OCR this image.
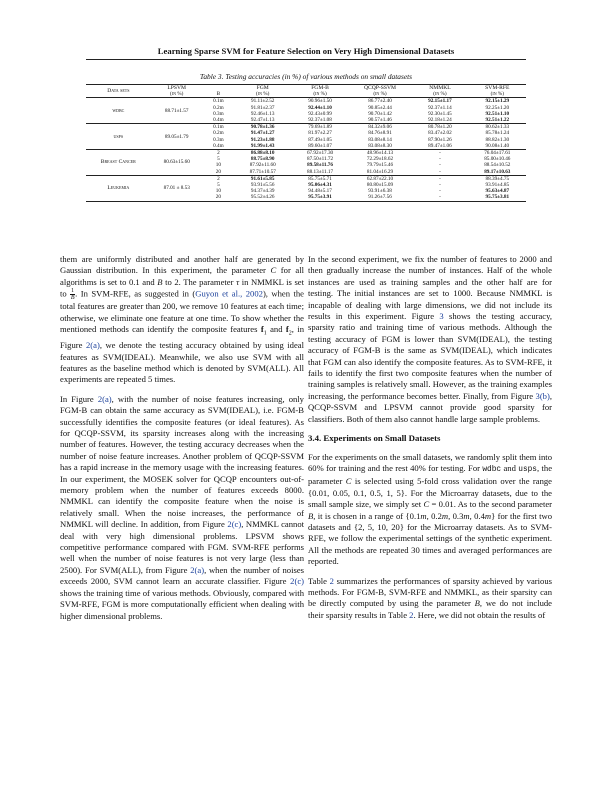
Learning Sparse SVM for Feature Selection on Very High Dimensional Datasets
Table 3. Testing accuracies (in %) of various methods on small datasets
Data sets	LPSVM		FGM	FGM-B	QCQP-SSVM	NMMKL	SVM-RFE
	(in %)	B	(in %)	(in %)	(in %)	(in %)	(in %)
wdbc	88.71±1.57	0.1m	91.11±2.52	90.96±1.50	86.77±2.40	92.15±1.17	92.15±1.29
		0.2m	91.81±2.37	92.44±1.10	90.85±2.44	92.37±1.14	92.25±1.20
		0.3m	92.46±1.13	92.43±0.99	90.70±1.42	92.30±1.45	92.51±1.10
		0.4m	92.47±1.13	92.37±1.08	90.57±1.46	92.18±1.24	92.51±1.22
usps	89.05±1.79	0.1m	90.78±1.36	79.69±1.89	84.32±9.06	80.78±1.20	80.62±1.33
		0.2m	91.47±1.27	81.97±2.27	84.76±8.91	83.47±2.02	85.78±1.24
		0.3m	91.23±1.88	87.49±1.05	83.08±8.14	87.90±1.26	88.82±1.30
		0.4m	91.99±1.43	89.60±1.07	83.08±8.30	89.47±1.06	90.08±1.40
Breast Cancer	80.63±15.60	2	86.88±8.10	67.92±17.30	48.96±14.13	-	76.04±17.61
		5	88.75±8.90	87.50±11.72	72.29±18.62	-	85.00±10.46
		10	87.92±11.60	89.58±11.76	79.79±15.46	-	88.54±10.52
		20	87.71±10.57	88.13±11.17	81.04±16.29	-	89.17±10.63
Leukemia	87.01 ± 8.53	2	91.61±5.85	85.75±5.71	62.87±22.10	-	88.39±4.75
		5	93.91±5.56	95.06±4.31	80.80±15.09	-	93.91±4.85
		10	94.37±4.39	94.48±5.17	93.91±6.38	-	95.63±4.87
		20	95.52±4.26	95.75±3.91	91.26±7.56	-	95.75±3.81

them are uniformly distributed and another half are generated by Gaussian distribution. In this experiment, the parameter C for all algorithms is set to 0.1 and B to 2. The parameter τ in NMMKL is set to $\frac{1}{B}$ . In SVM-RFE, as suggested in (Guyon et al., 2002), when the total features are greater than 200, we remove 10 features at each time; otherwise, we eliminate one feature at one time. To show whether the mentioned methods can identify the composite features $f_1$ and $f_2$, in Figure 2(a), we denote the testing accuracy obtained by using ideal features as SVM(IDEAL). Meanwhile, we also use SVM with all features as the baseline method which is denoted by SVM(ALL). All experiments are repeated 5 times.

In Figure 2(a), with the number of noise features increasing, only FGM-B can obtain the same accuracy as SVM(IDEAL), i.e. FGM-B successfully identifies the composite features (or ideal features). As for QCQP-SSVM, its sparsity increases along with the increasing number of features. However, the testing accuracy decreases when the number of noise feature increases. Another problem of QCQP-SSVM has a rapid increase in the memory usage with the increasing features. In our experiment, the MOSEK solver for QCQP encounters out-of-memory problem when the number of features exceeds 8000. NMMKL can identify the composite feature when the noise is relatively small. When the noise increases, the performance of NMMKL will decline. In addition, from Figure 2(c), NMMKL cannot deal with very high dimensional problems. LPSVM shows competitive performance compared with FGM. SVM-RFE performs well when the number of noise features is not very large (less than 2500). For SVM(ALL), from Figure 2(a), when the number of noises exceeds 2000, SVM cannot learn an accurate classifier. Figure 2(c) shows the training time of various methods. Obviously, compared with SVM-RFE, FGM is more computationally efficient when dealing with higher dimensional problems.

In the second experiment, we fix the number of features to 2000 and then gradually increase the number of instances. Half of the whole instances are used as training samples and the other half are for testing. The initial instances are set to 1000. Because NMMKL is incapable of dealing with large dimensions, we did not include its results in this experiment. Figure 3 shows the testing accuracy, sparsity ratio and training time of various methods. Although the testing accuracy of FGM is lower than SVM(IDEAL), the testing accuracy of FGM-B is the same as SVM(IDEAL), which indicates that FGM can also identify the composite features. As to SVM-RFE, it fails to identify the first two composite features when the number of training samples is relatively small. However, as the training examples increasing, the performance becomes better. Finally, from Figure 3(b), QCQP-SSVM and LPSVM cannot provide good sparsity for classifiers. Both of them also cannot handle large sample problems.

3.4. Experiments on Small Datasets

For the experiments on the small datasets, we randomly split them into 60% for training and the rest 40% for testing. For wdbc and usps, the parameter C is selected using 5-fold cross validation over the range {0.01, 0.05, 0.1, 0.5, 1, 5}. For the Microarray datasets, due to the small sample size, we simply set C = 0.01. As to the second parameter B, it is chosen in a range of {0.1m, 0.2m, 0.3m, 0.4m} for the first two datasets and {2, 5, 10, 20} for the Microarray datasets. As to SVM-RFE, we follow the experimental settings of the synthetic experiment. All the methods are repeated 30 times and averaged performances are reported.

Table 2 summarizes the performances of sparsity achieved by various methods. For FGM-B, SVM-RFE and NMMKL, as their sparsity can be directly computed by using the parameter B, we do not include their sparsity results in Table 2. Here, we did not obtain the results of
